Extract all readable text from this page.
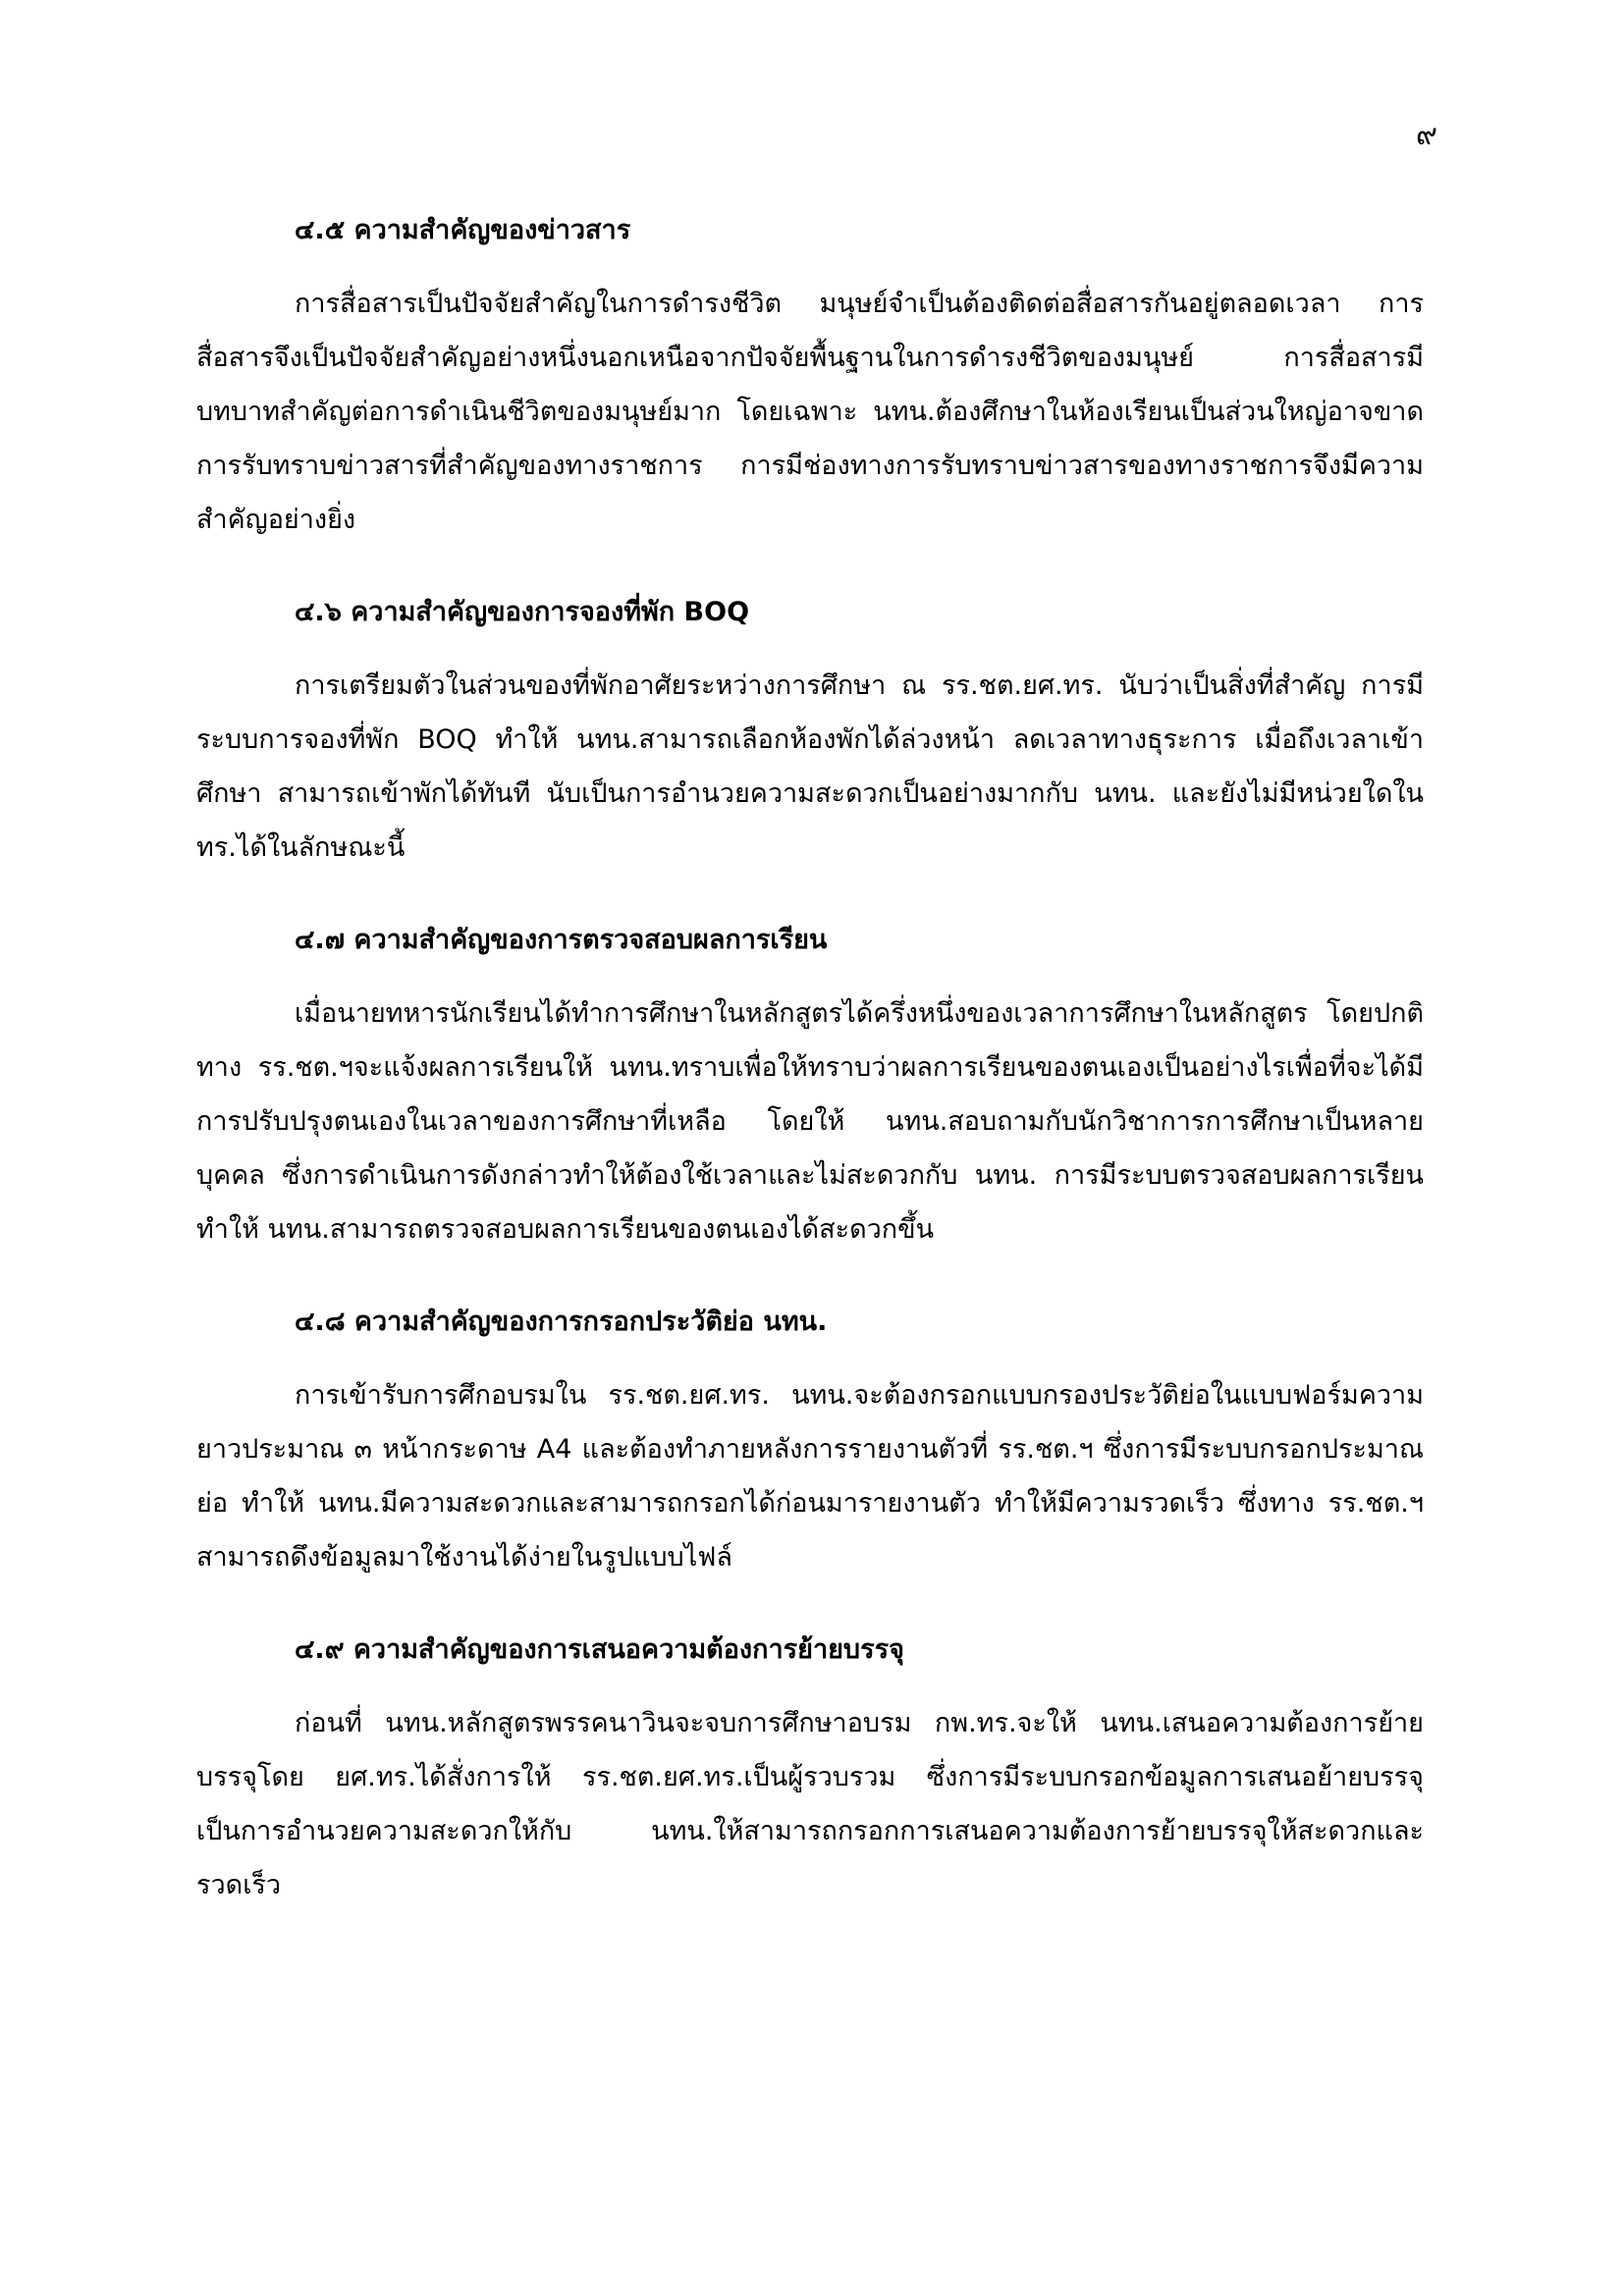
๙
๔.๕ ความสำคัญของข่าวสาร

การสื่อสารเป็นปัจจัยสำคัญในการดำรงชีวิต มนุษย์จำเป็นต้องติดต่อสื่อสารกันอยู่ตลอดเวลา การสื่อสารจึงเป็นปัจจัยสำคัญอย่างหนึ่งนอกเหนือจากปัจจัยพื้นฐานในการดำรงชีวิตของมนุษย์ การสื่อสารมีบทบาทสำคัญต่อการดำเนินชีวิตของมนุษย์มาก โดยเฉพาะ นทน.ต้องศึกษาในห้องเรียนเป็นส่วนใหญ่อาจขาดการรับทราบข่าวสารที่สำคัญของทางราชการ การมีช่องทางการรับทราบข่าวสารของทางราชการจึงมีความสำคัญอย่างยิ่ง

๔.๖ ความสำคัญของการจองที่พัก BOQ

การเตรียมตัวในส่วนของที่พักอาศัยระหว่างการศึกษา ณ รร.ชต.ยศ.ทร. นับว่าเป็นสิ่งที่สำคัญ การมีระบบการจองที่พัก BOQ ทำให้ นทน.สามารถเลือกห้องพักได้ล่วงหน้า ลดเวลาทางธุระการ เมื่อถึงเวลาเข้าศึกษา สามารถเข้าพักได้ทันที นับเป็นการอำนวยความสะดวกเป็นอย่างมากกับ นทน. และยังไม่มีหน่วยใดในทร.ได้ในลักษณะนี้

๔.๗ ความสำคัญของการตรวจสอบผลการเรียน

เมื่อนายทหารนักเรียนได้ทำการศึกษาในหลักสูตรได้ครึ่งหนึ่งของเวลาการศึกษาในหลักสูตร โดยปกติทาง รร.ชต.ฯจะแจ้งผลการเรียนให้ นทน.ทราบเพื่อให้ทราบว่าผลการเรียนของตนเองเป็นอย่างไรเพื่อที่จะได้มีการปรับปรุงตนเองในเวลาของการศึกษาที่เหลือ โดยให้ นทน.สอบถามกับนักวิชาการการศึกษาเป็นหลายบุคคล ซึ่งการดำเนินการดังกล่าวทำให้ต้องใช้เวลาและไม่สะดวกกับ นทน. การมีระบบตรวจสอบผลการเรียนทำให้ นทน.สามารถตรวจสอบผลการเรียนของตนเองได้สะดวกขึ้น

๔.๘ ความสำคัญของการกรอกประวัติย่อ นทน.

การเข้ารับการศึกอบรมใน รร.ชต.ยศ.ทร. นทน.จะต้องกรอกแบบกรองประวัติย่อในแบบฟอร์มความยาวประมาณ ๓ หน้ากระดาษ A4 และต้องทำภายหลังการรายงานตัวที่ รร.ชต.ฯ ซึ่งการมีระบบกรอกประมาณย่อ ทำให้ นทน.มีความสะดวกและสามารถกรอกได้ก่อนมารายงานตัว ทำให้มีความรวดเร็ว ซึ่งทาง รร.ชต.ฯ สามารถดึงข้อมูลมาใช้งานได้ง่ายในรูปแบบไฟล์

๔.๙ ความสำคัญของการเสนอความต้องการย้ายบรรจุ

ก่อนที่ นทน.หลักสูตรพรรคนาวินจะจบการศึกษาอบรม กพ.ทร.จะให้ นทน.เสนอความต้องการย้ายบรรจุโดย ยศ.ทร.ได้สั่งการให้ รร.ชต.ยศ.ทร.เป็นผู้รวบรวม ซึ่งการมีระบบกรอกข้อมูลการเสนอย้ายบรรจุเป็นการอำนวยความสะดวกให้กับ นทน.ให้สามารถกรอกการเสนอความต้องการย้ายบรรจุให้สะดวกและรวดเร็ว
